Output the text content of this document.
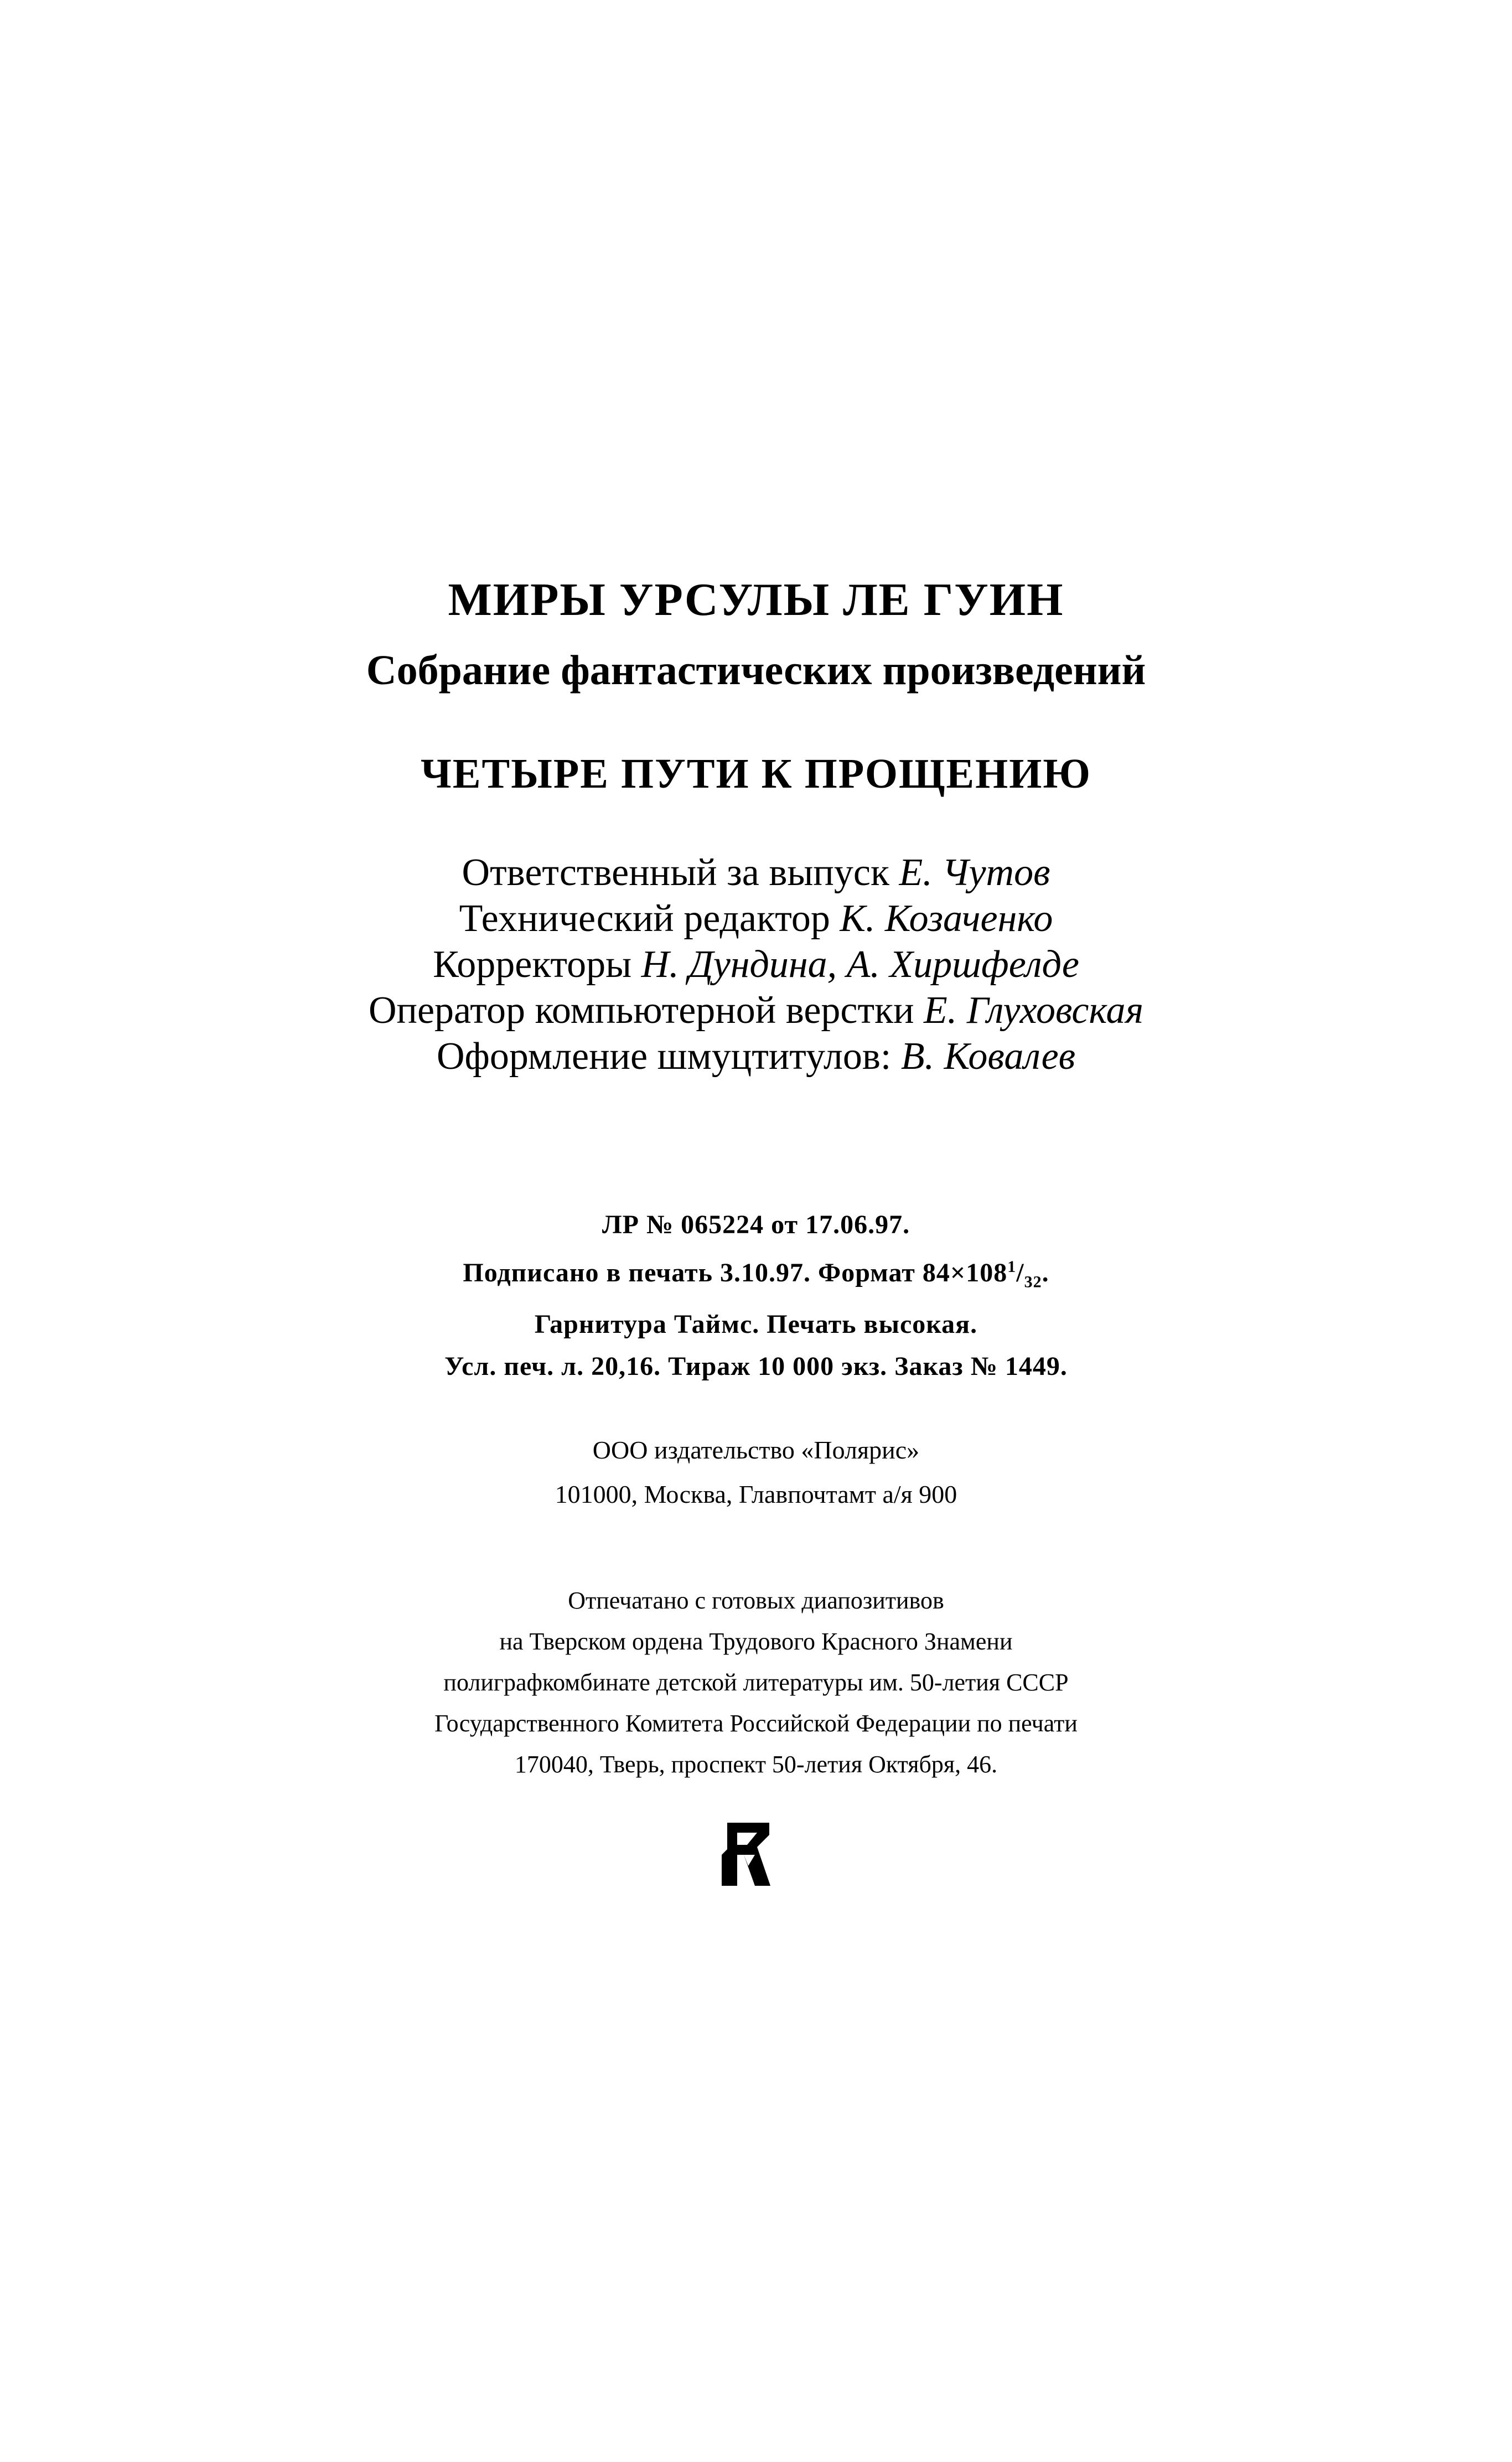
МИРЫ УРСУЛЫ ЛЕ ГУИН
Собрание фантастических произведений
ЧЕТЫРЕ ПУТИ К ПРОЩЕНИЮ
Ответственный за выпуск Е. Чутов
Технический редактор К. Козаченко
Корректоры Н. Дундина, А. Хиршфелде
Оператор компьютерной верстки Е. Глуховская
Оформление шмуцтитулов: В. Ковалев
ЛР № 065224 от 17.06.97.
Подписано в печать 3.10.97. Формат $84\times 108^1/_{32}$.
Гарнитура Таймс. Печать высокая.
Усл. печ. л. 20,16. Тираж 10 000 экз. Заказ № 1449.
ООО издательство «Полярис»
101000, Москва, Главпочтамт а/я 900
Отпечатано с готовых диапозитивов
на Тверском ордена Трудового Красного Знамени
полиграфкомбинате детской литературы им. 50-летия СССР
Государственного Комитета Российской Федерации по печати
170040, Тверь, проспект 50-летия Октября, 46.
